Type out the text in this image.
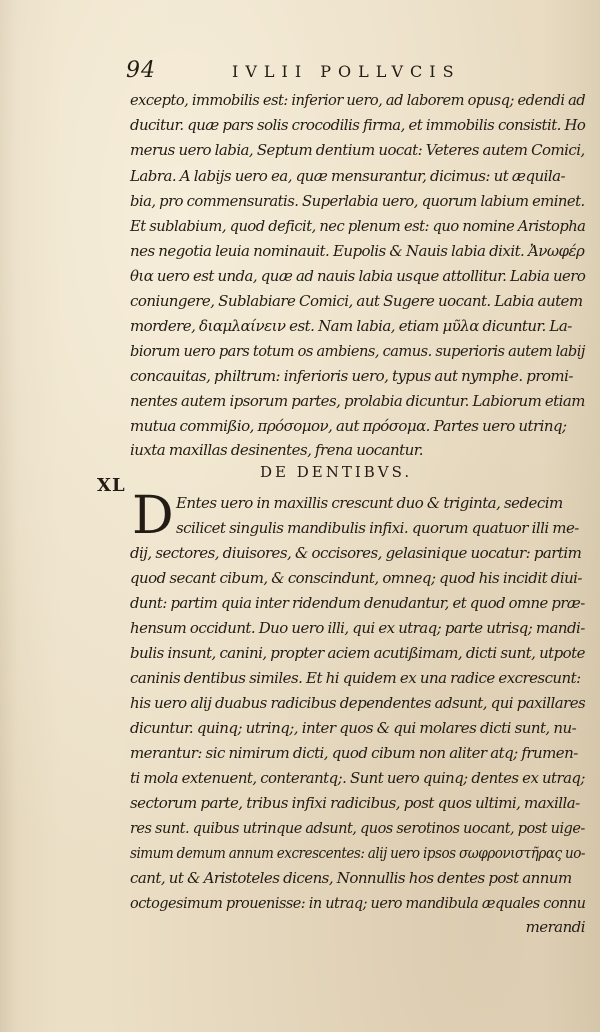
94	IVLII POLLVCIS
excepto, immobilis est: inferior uero, ad laborem opusq; edendi ad
ducitur. quæ pars solis crocodilis firma, et immobilis consistit. Ho
merus uero labia, Septum dentium uocat: Veteres autem Comici,
Labra. A labijs uero ea, quæ mensurantur, dicimus: ut æquila-
bia, pro commensuratis. Superlabia uero, quorum labium eminet.
Et sublabium, quod deficit, nec plenum est: quo nomine Aristopha
nes negotia leuia nominauit. Eupolis & Nauis labia dixit. Ἀνωφέρ
θια uero est unda, quæ ad nauis labia usque attollitur. Labia uero
coniungere, Sublabiare Comici, aut Sugere uocant. Labia autem
mordere, διαμλαίνειν est. Nam labia, etiam μῦλα dicuntur. La-
biorum uero pars totum os ambiens, camus. superioris autem labij
concauitas, philtrum: inferioris uero, typus aut nymphe. promi-
nentes autem ipsorum partes, prolabia dicuntur. Labiorum etiam
mutua commißio, πρόσομον, aut πρόσομα. Partes uero utrinq;
iuxta maxillas desinentes, frena uocantur.
DE DENTIBVS.
XL
D Entes uero in maxillis crescunt duo & triginta, sedecim
scilicet singulis mandibulis infixi. quorum quatuor illi me-
dij, sectores, diuisores, & occisores, gelasinique uocatur: partim
quod secant cibum, & conscindunt, omneq; quod his incidit diui-
dunt: partim quia inter ridendum denudantur, et quod omne præ-
hensum occidunt. Duo uero illi, qui ex utraq; parte utrisq; mandi-
bulis insunt, canini, propter aciem acutißimam, dicti sunt, utpote
caninis dentibus similes. Et hi quidem ex una radice excrescunt:
his uero alij duabus radicibus dependentes adsunt, qui paxillares
dicuntur. quinq; utrinq;, inter quos & qui molares dicti sunt, nu-
merantur: sic nimirum dicti, quod cibum non aliter atq; frumen-
ti mola extenuent, conterantq;. Sunt uero quinq; dentes ex utraq;
sectorum parte, tribus infixi radicibus, post quos ultimi, maxilla-
res sunt. quibus utrinque adsunt, quos serotinos uocant, post uige-
simum demum annum excrescentes: alij uero ipsos σωφρονιστῆρας uo-
cant, ut & Aristoteles dicens, Nonnullis hos dentes post annum
octogesimum prouenisse: in utraq; uero mandibula æquales connu
merandi
